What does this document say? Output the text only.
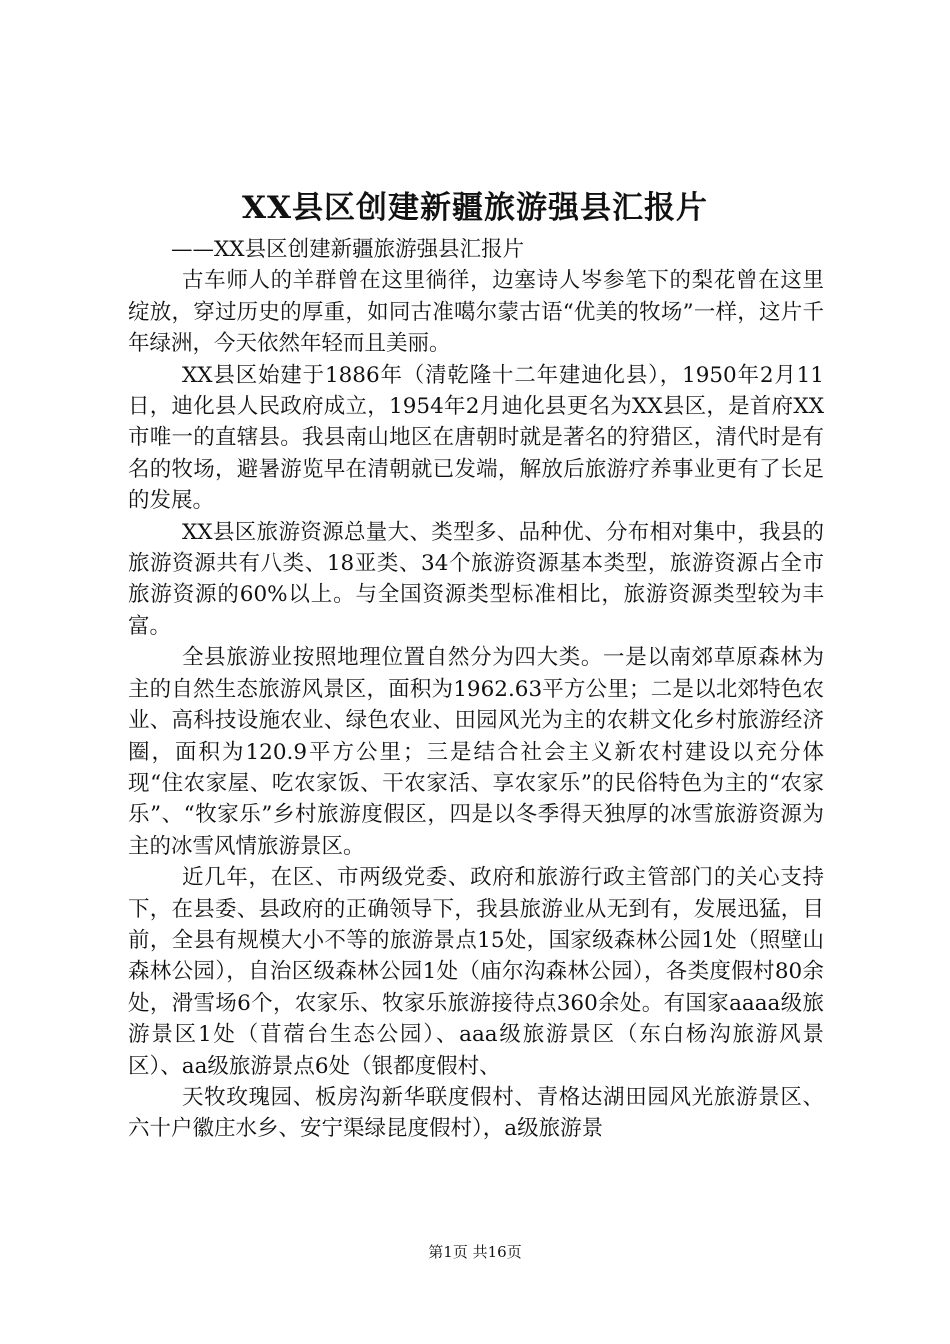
XX县区创建新疆旅游强县汇报片

——XX县区创建新疆旅游强县汇报片

古车师人的羊群曾在这里徜徉，边塞诗人岑参笔下的梨花曾在这里绽放，穿过历史的厚重，如同古准噶尔蒙古语“优美的牧场”一样，这片千年绿洲，今天依然年轻而且美丽。

XX县区始建于1886年（清乾隆十二年建迪化县），1950年2月11日，迪化县人民政府成立，1954年2月迪化县更名为XX县区，是首府XX市唯一的直辖县。我县南山地区在唐朝时就是著名的狩猎区，清代时是有名的牧场，避暑游览早在清朝就已发端，解放后旅游疗养事业更有了长足的发展。

XX县区旅游资源总量大、类型多、品种优、分布相对集中，我县的旅游资源共有八类、18亚类、34个旅游资源基本类型，旅游资源占全市旅游资源的60%以上。与全国资源类型标准相比，旅游资源类型较为丰富。

全县旅游业按照地理位置自然分为四大类。一是以南郊草原森林为主的自然生态旅游风景区，面积为1962.63平方公里；二是以北郊特色农业、高科技设施农业、绿色农业、田园风光为主的农耕文化乡村旅游经济圈，面积为120.9平方公里；三是结合社会主义新农村建设以充分体现“住农家屋、吃农家饭、干农家活、享农家乐”的民俗特色为主的“农家乐”、“牧家乐”乡村旅游度假区，四是以冬季得天独厚的冰雪旅游资源为主的冰雪风情旅游景区。

近几年，在区、市两级党委、政府和旅游行政主管部门的关心支持下，在县委、县政府的正确领导下，我县旅游业从无到有，发展迅猛，目前，全县有规模大小不等的旅游景点15处，国家级森林公园1处（照壁山森林公园），自治区级森林公园1处（庙尔沟森林公园），各类度假村80余处，滑雪场6个，农家乐、牧家乐旅游接待点360余处。有国家aaaa级旅游景区1处（苜蓿台生态公园）、aaa级旅游景区（东白杨沟旅游风景区）、aa级旅游景点6处（银都度假村、

天牧玫瑰园、板房沟新华联度假村、青格达湖田园风光旅游景区、六十户徽庄水乡、安宁渠绿昆度假村），a级旅游景

第1页 共16页
